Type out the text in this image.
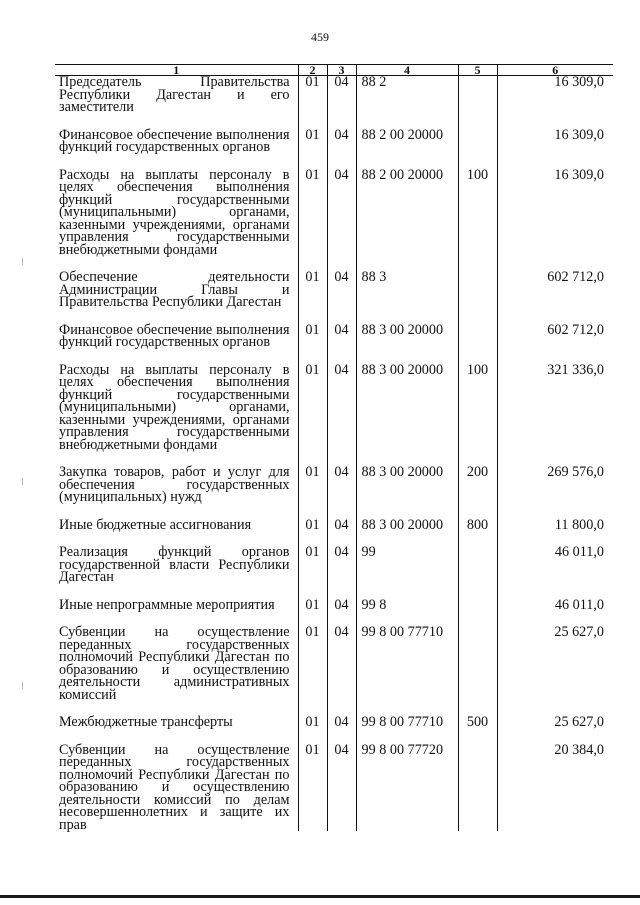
459
1	2	3	4	5	6
Председатель Правительства Республики Дагестан и его заместители	01	04	88 2		16 309,0

Финансовое обеспечение выполнения функций государственных органов	01	04	88 2 00 20000		16 309,0

Расходы на выплаты персоналу в целях обеспечения выполнения функций государственными (муниципальными) органами, казенными учреждениями, органами управления государственными внебюджетными фондами	01	04	88 2 00 20000	100	16 309,0

Обеспечение деятельности Администрации Главы и Правительства Республики Дагестан	01	04	88 3		602 712,0

Финансовое обеспечение выполнения функций государственных органов	01	04	88 3 00 20000		602 712,0

Расходы на выплаты персоналу в целях обеспечения выполнения функций государственными (муниципальными) органами, казенными учреждениями, органами управления государственными внебюджетными фондами	01	04	88 3 00 20000	100	321 336,0

Закупка товаров, работ и услуг для обеспечения государственных (муниципальных) нужд	01	04	88 3 00 20000	200	269 576,0

Иные бюджетные ассигнования	01	04	88 3 00 20000	800	11 800,0

Реализация функций органов государственной власти Республики Дагестан	01	04	99		46 011,0

Иные непрограммные мероприятия	01	04	99 8		46 011,0

Субвенции на осуществление переданных государственных полномочий Республики Дагестан по образованию и осуществлению деятельности административных комиссий	01	04	99 8 00 77710		25 627,0

Межбюджетные трансферты	01	04	99 8 00 77710	500	25 627,0

Субвенции на осуществление переданных государственных полномочий Республики Дагестан по образованию и осуществлению деятельности комиссий по делам несовершеннолетних и защите их прав	01	04	99 8 00 77720		20 384,0
